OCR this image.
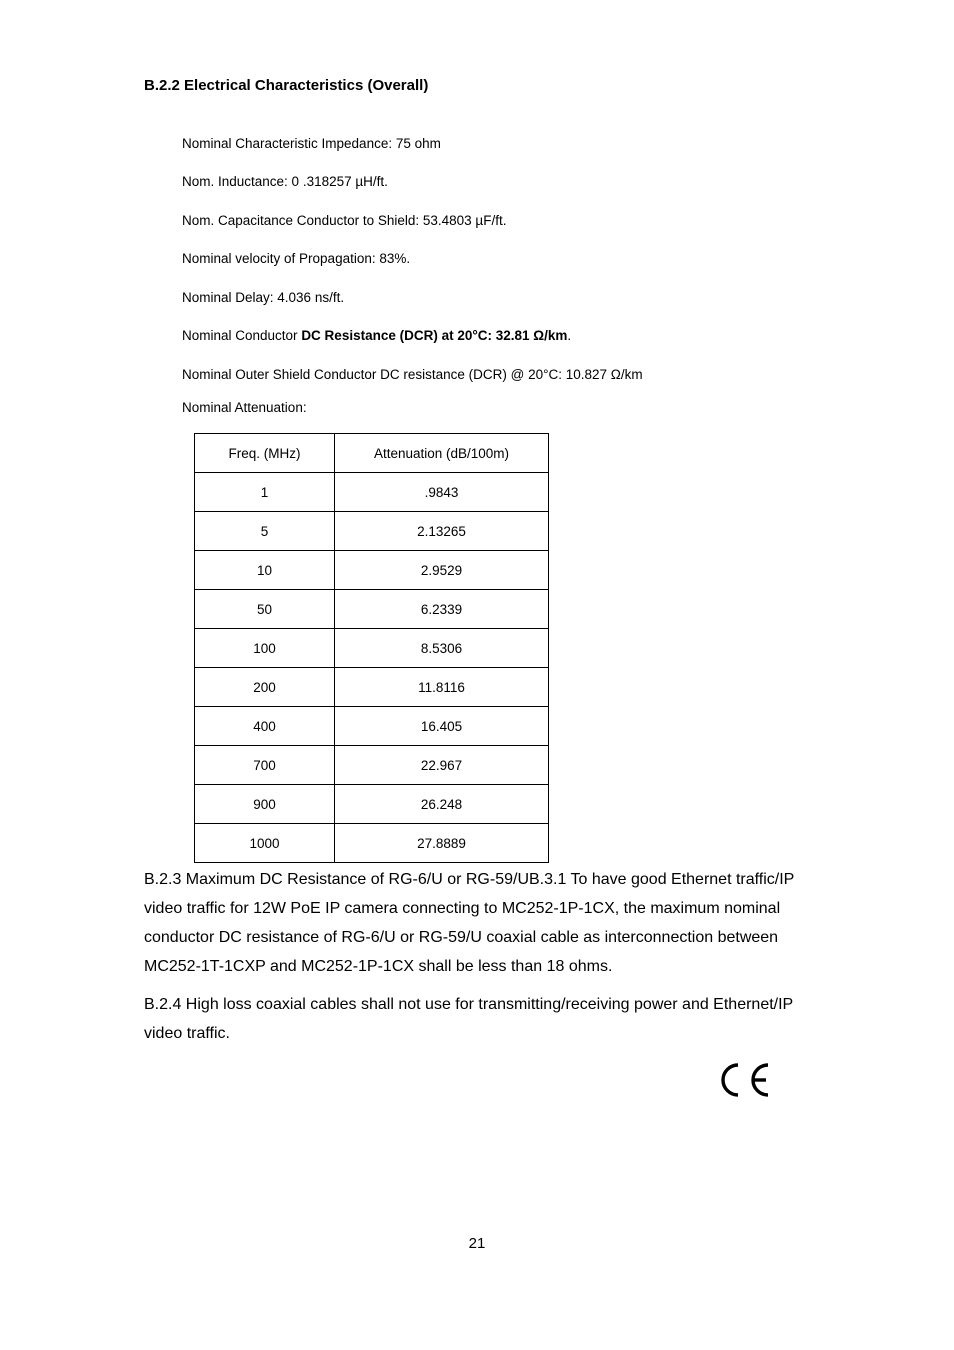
B.2.2 Electrical Characteristics (Overall)
Nominal Characteristic Impedance: 75 ohm
Nom. Inductance: 0 .318257 µH/ft.
Nom. Capacitance Conductor to Shield: 53.4803 µF/ft.
Nominal velocity of Propagation: 83%.
Nominal Delay: 4.036 ns/ft.
Nominal Conductor DC Resistance (DCR) at 20°C: 32.81 Ω/km.
Nominal Outer Shield Conductor DC resistance (DCR) @ 20°C: 10.827 Ω/km
Nominal Attenuation:
Freq. (MHz)	Attenuation (dB/100m)
1	.9843
5	2.13265
10	2.9529
50	6.2339
100	8.5306
200	11.8116
400	16.405
700	22.967
900	26.248
1000	27.8889
B.2.3 Maximum DC Resistance of RG-6/U or RG-59/UB.3.1 To have good Ethernet traffic/IP video traffic for 12W PoE IP camera connecting to MC252-1P-1CX, the maximum nominal conductor DC resistance of RG-6/U or RG-59/U coaxial cable as interconnection between MC252-1T-1CXP and MC252-1P-1CX shall be less than 18 ohms.
B.2.4 High loss coaxial cables shall not use for transmitting/receiving power and Ethernet/IP video traffic.
21
